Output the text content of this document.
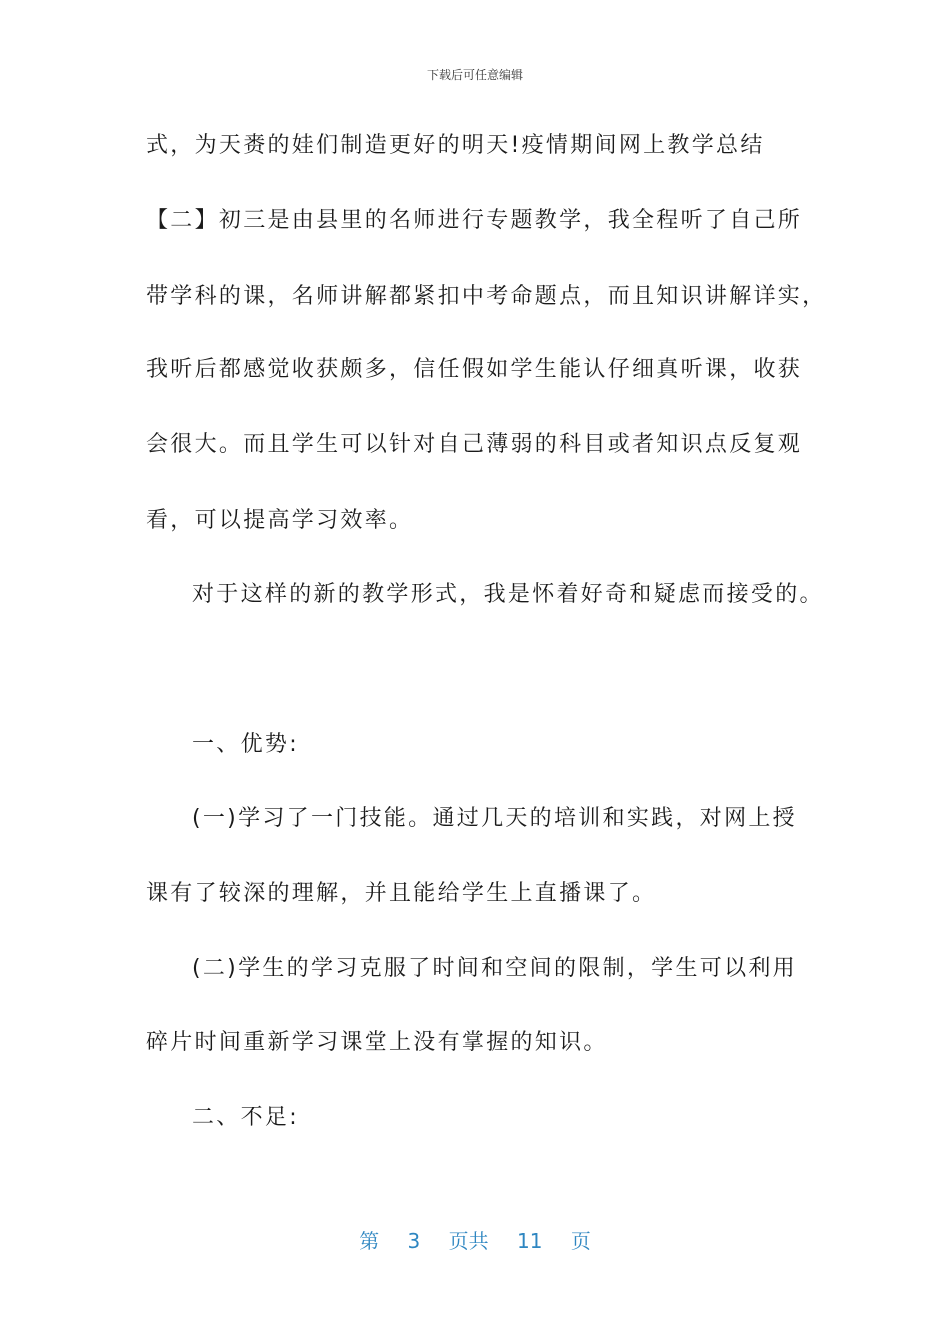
下载后可任意编辑
式，为天赉的娃们制造更好的明天!疫情期间网上教学总结
【二】初三是由县里的名师进行专题教学，我全程听了自己所
带学科的课，名师讲解都紧扣中考命题点，而且知识讲解详实，
我听后都感觉收获颇多，信任假如学生能认仔细真听课，收获
会很大。而且学生可以针对自己薄弱的科目或者知识点反复观
看，可以提高学习效率。
对于这样的新的教学形式，我是怀着好奇和疑虑而接受的。
一、优势:
(一)学习了一门技能。通过几天的培训和实践，对网上授
课有了较深的理解，并且能给学生上直播课了。
(二)学生的学习克服了时间和空间的限制，学生可以利用
碎片时间重新学习课堂上没有掌握的知识。
二、不足:
第 3 页共 11 页
